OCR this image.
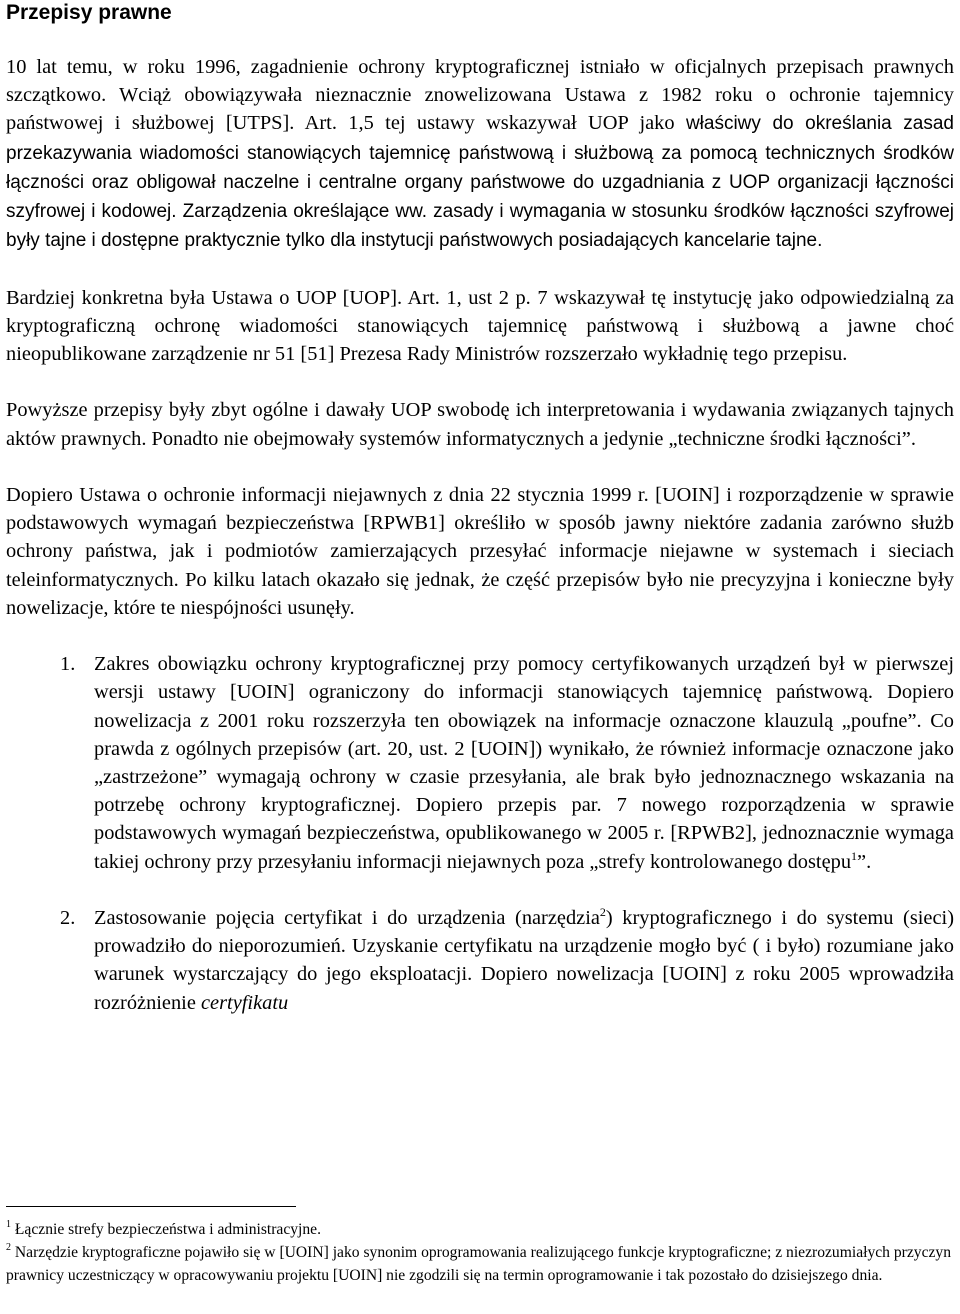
Przepisy prawne

10 lat temu, w roku 1996, zagadnienie ochrony kryptograficznej istniało w oficjalnych przepisach prawnych szczątkowo. Wciąż obowiązywała nieznacznie znowelizowana Ustawa z 1982 roku o ochronie tajemnicy państwowej i służbowej [UTPS]. Art. 1,5 tej ustawy wskazywał UOP jako właściwy do określania zasad przekazywania wiadomości stanowiących tajemnicę państwową i służbową za pomocą technicznych środków łączności oraz obligował naczelne i centralne organy państwowe do uzgadniania z UOP organizacji łączności szyfrowej i kodowej. Zarządzenia określające ww. zasady i wymagania w stosunku środków łączności szyfrowej były tajne i dostępne praktycznie tylko dla instytucji państwowych posiadających kancelarie tajne.

Bardziej konkretna była Ustawa o UOP [UOP]. Art. 1, ust 2 p. 7 wskazywał tę instytucję jako odpowiedzialną za kryptograficzną ochronę wiadomości stanowiących tajemnicę państwową i służbową a jawne choć nieopublikowane zarządzenie nr 51 [51] Prezesa Rady Ministrów rozszerzało wykładnię tego przepisu.

Powyższe przepisy były zbyt ogólne i dawały UOP swobodę ich interpretowania i wydawania związanych tajnych aktów prawnych. Ponadto nie obejmowały systemów informatycznych a jedynie „techniczne środki łączności”.

Dopiero Ustawa o ochronie informacji niejawnych z dnia 22 stycznia 1999 r. [UOIN] i rozporządzenie w sprawie podstawowych wymagań bezpieczeństwa [RPWB1] określiło w sposób jawny niektóre zadania zarówno służb ochrony państwa, jak i podmiotów zamierzających przesyłać informacje niejawne w systemach i sieciach teleinformatycznych. Po kilku latach okazało się jednak, że część przepisów było nie precyzyjna i konieczne były nowelizacje, które te niespójności usunęły.

1. Zakres obowiązku ochrony kryptograficznej przy pomocy certyfikowanych urządzeń był w pierwszej wersji ustawy [UOIN] ograniczony do informacji stanowiących tajemnicę państwową. Dopiero nowelizacja z 2001 roku rozszerzyła ten obowiązek na informacje oznaczone klauzulą „poufne”. Co prawda z ogólnych przepisów (art. 20, ust. 2 [UOIN]) wynikało, że również informacje oznaczone jako „zastrzeżone” wymagają ochrony w czasie przesyłania, ale brak było jednoznacznego wskazania na potrzebę ochrony kryptograficznej. Dopiero przepis par. 7 nowego rozporządzenia w sprawie podstawowych wymagań bezpieczeństwa, opublikowanego w 2005 r. [RPWB2], jednoznacznie wymaga takiej ochrony przy przesyłaniu informacji niejawnych poza „strefy kontrolowanego dostępu$^1$”.
2. Zastosowanie pojęcia certyfikat i do urządzenia (narzędzia$^2$) kryptograficznego i do systemu (sieci) prowadziło do nieporozumień. Uzyskanie certyfikatu na urządzenie mogło być ( i było) rozumiane jako warunek wystarczający do jego eksploatacji. Dopiero nowelizacja [UOIN] z roku 2005 wprowadziła rozróżnienie certyfikatu

$^1$ Łącznie strefy bezpieczeństwa i administracyjne.

$^2$ Narzędzie kryptograficzne pojawiło się w [UOIN] jako synonim oprogramowania realizującego funkcje kryptograficzne; z niezrozumiałych przyczyn prawnicy uczestniczący w opracowywaniu projektu [UOIN] nie zgodzili się na termin oprogramowanie i tak pozostało do dzisiejszego dnia.
